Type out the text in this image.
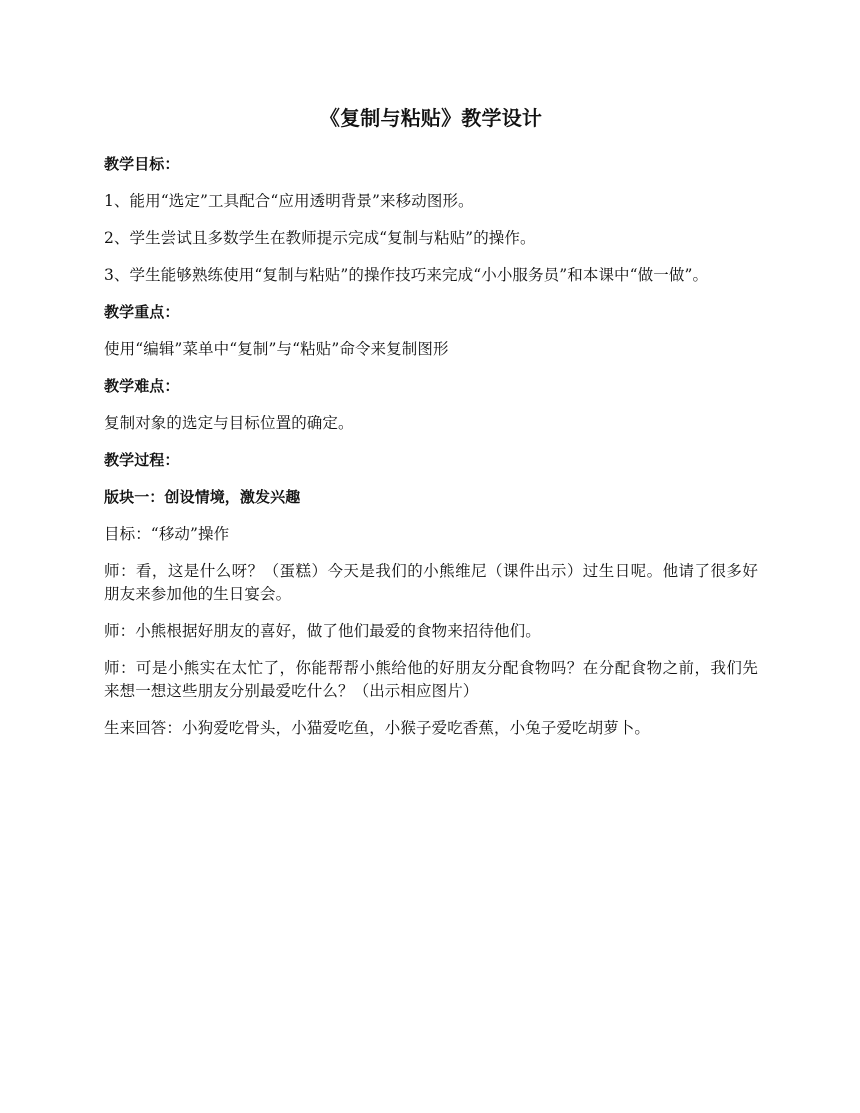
《复制与粘贴》教学设计
教学目标：
1、能用“选定”工具配合“应用透明背景”来移动图形。
2、学生尝试且多数学生在教师提示完成“复制与粘贴”的操作。
3、学生能够熟练使用“复制与粘贴”的操作技巧来完成“小小服务员”和本课中“做一做”。
教学重点：
使用“编辑”菜单中“复制”与“粘贴”命令来复制图形
教学难点：
复制对象的选定与目标位置的确定。
教学过程：
版块一：创设情境，激发兴趣
目标：“移动”操作
师：看，这是什么呀？（蛋糕）今天是我们的小熊维尼（课件出示）过生日呢。他请了很多好朋友来参加他的生日宴会。
师：小熊根据好朋友的喜好，做了他们最爱的食物来招待他们。
师：可是小熊实在太忙了，你能帮帮小熊给他的好朋友分配食物吗？在分配食物之前，我们先来想一想这些朋友分别最爱吃什么？（出示相应图片）
生来回答：小狗爱吃骨头，小猫爱吃鱼，小猴子爱吃香蕉，小兔子爱吃胡萝卜。
